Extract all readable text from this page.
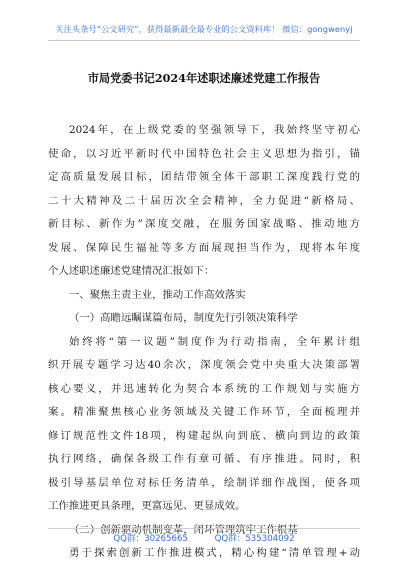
关注头条号“公文研究”，获得最新最全最专业的公文资料库！ 微信：gongwenyj
市局党委书记2024年述职述廉述党建工作报告
2024年，在上级党委的坚强领导下，我始终坚守初心
使命，以习近平新时代中国特色社会主义思想为指引，锚
定高质量发展目标，团结带领全体干部职工深度践行党的
二十大精神及二十届历次全会精神，全力促进“新格局、
新目标、新作为”深度交融，在服务国家战略、推动地方
发展、保障民生福祉等多方面展现担当作为，现将本年度
个人述职述廉述党建情况汇报如下：
一、聚焦主责主业，推动工作高效落实
（一）高瞻远瞩谋篇布局，制度先行引领决策科学
始终将“第一议题”制度作为行动指南，全年累计组
织开展专题学习达40余次，深度领会党中央重大决策部署
核心要义，并迅速转化为契合本系统的工作规划与实施方
案。精准聚焦核心业务领域及关键工作环节，全面梳理并
修订规范性文件18项，构建起纵向到底、横向到边的政策
执行网络，确保各级工作有章可循、有序推进。同时，积
极引导基层单位对标任务清单，绘制详细作战图，使各项
工作推进更具条理，更富远见、更显成效。
（二）创新驱动机制变革，闭环管理筑牢工作根基
勇于探索创新工作推进模式，精心构建“清单管理+动
QQ群：30265665	QQ群：535304092
